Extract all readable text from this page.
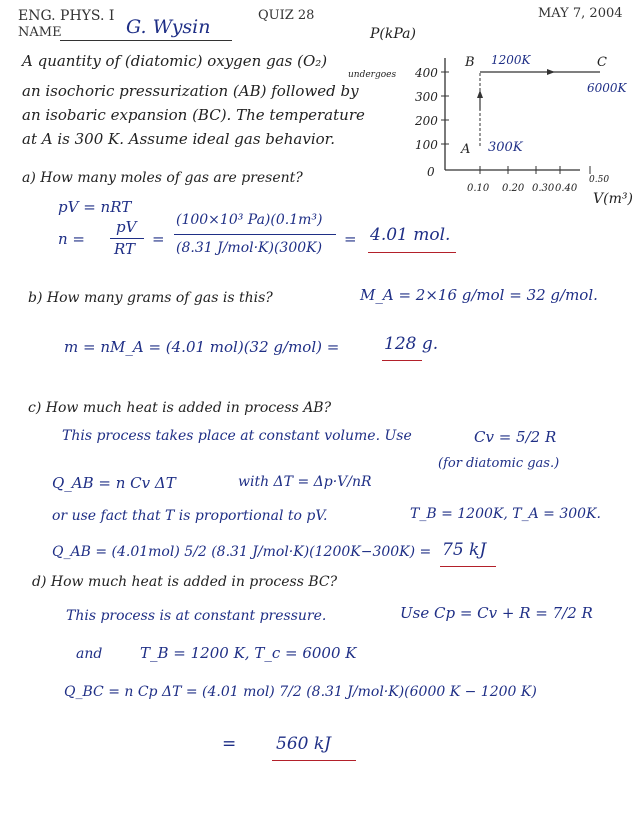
ENG. PHYS. I
NAME	G. Wysin
QUIZ 28	MAY 7, 2004
A quantity of (diatomic) oxygen gas (O₂)
undergoes
an isochoric pressurization (AB) followed by
an isobaric expansion (BC). The temperature
at A is 300 K. Assume ideal gas behavior.
P(kPa)
400
300
200
100
0
0.10 0.20 0.30 0.40
0.50
V(m³)
A 300K
B 1200K	C
6000K
a) How many moles of gas are present?
pV = nRT
n =
pV
RT
=
(100×10³ Pa)(0.1m³)
(8.31 J/mol·K)(300K) = 4.01 mol.
b) How many grams of gas is this?	M_A = 2×16 g/mol = 32 g/mol.
m = nM_A = (4.01 mol)(32 g/mol) =	128 g.
c) How much heat is added in process AB?
This process takes place at constant volume. Use	Cv = 5/2 R
(for diatomic gas.)
Q_AB = n Cv ΔT	with ΔT = Δp·V/nR
or use fact that T is proportional to pV.	T_B = 1200K, T_A = 300K.
Q_AB = (4.01mol) 5/2 (8.31 J/mol·K)(1200K−300K) = 75 kJ
d) How much heat is added in process BC?
This process is at constant pressure.	Use Cp = Cv + R = 7/2 R
and	T_B = 1200 K, T_c = 6000 K
Q_BC = n Cp ΔT = (4.01 mol) 7/2 (8.31 J/mol·K)(6000 K − 1200 K)
= 560 kJ
